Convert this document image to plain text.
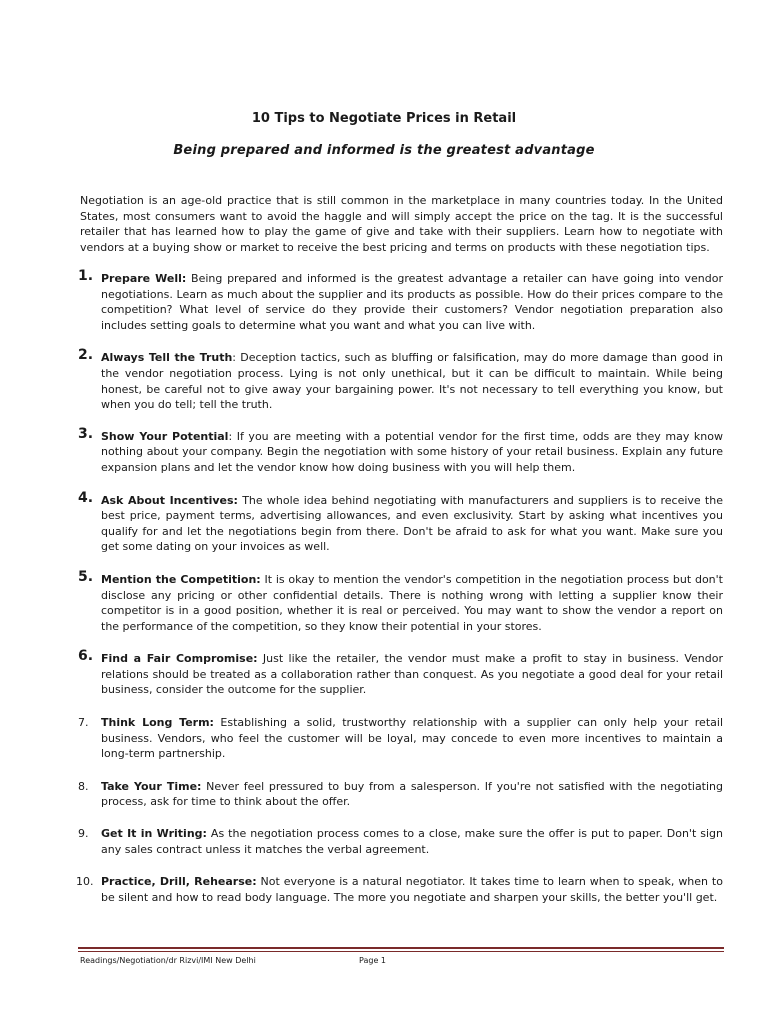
10 Tips to Negotiate Prices in Retail
Being prepared and informed is the greatest advantage

Negotiation is an age-old practice that is still common in the marketplace in many countries today. In the United States, most consumers want to avoid the haggle and will simply accept the price on the tag. It is the successful retailer that has learned how to play the game of give and take with their suppliers. Learn how to negotiate with vendors at a buying show or market to receive the best pricing and terms on products with these negotiation tips.

1. Prepare Well: Being prepared and informed is the greatest advantage a retailer can have going into vendor negotiations. Learn as much about the supplier and its products as possible. How do their prices compare to the competition? What level of service do they provide their customers? Vendor negotiation preparation also includes setting goals to determine what you want and what you can live with.
2. Always Tell the Truth: Deception tactics, such as bluffing or falsification, may do more damage than good in the vendor negotiation process. Lying is not only unethical, but it can be difficult to maintain. While being honest, be careful not to give away your bargaining power. It's not necessary to tell everything you know, but when you do tell; tell the truth.
3. Show Your Potential: If you are meeting with a potential vendor for the first time, odds are they may know nothing about your company. Begin the negotiation with some history of your retail business. Explain any future expansion plans and let the vendor know how doing business with you will help them.
4. Ask About Incentives: The whole idea behind negotiating with manufacturers and suppliers is to receive the best price, payment terms, advertising allowances, and even exclusivity. Start by asking what incentives you qualify for and let the negotiations begin from there. Don't be afraid to ask for what you want. Make sure you get some dating on your invoices as well.
5. Mention the Competition: It is okay to mention the vendor's competition in the negotiation process but don't disclose any pricing or other confidential details. There is nothing wrong with letting a supplier know their competitor is in a good position, whether it is real or perceived. You may want to show the vendor a report on the performance of the competition, so they know their potential in your stores.
6. Find a Fair Compromise: Just like the retailer, the vendor must make a profit to stay in business. Vendor relations should be treated as a collaboration rather than conquest. As you negotiate a good deal for your retail business, consider the outcome for the supplier.
7. Think Long Term: Establishing a solid, trustworthy relationship with a supplier can only help your retail business. Vendors, who feel the customer will be loyal, may concede to even more incentives to maintain a long-term partnership.
8. Take Your Time: Never feel pressured to buy from a salesperson. If you're not satisfied with the negotiating process, ask for time to think about the offer.
9. Get It in Writing: As the negotiation process comes to a close, make sure the offer is put to paper. Don't sign any sales contract unless it matches the verbal agreement.
10. Practice, Drill, Rehearse: Not everyone is a natural negotiator. It takes time to learn when to speak, when to be silent and how to read body language. The more you negotiate and sharpen your skills, the better you'll get.
Readings/Negotiation/dr Rizvi/IMI New Delhi	Page 1
